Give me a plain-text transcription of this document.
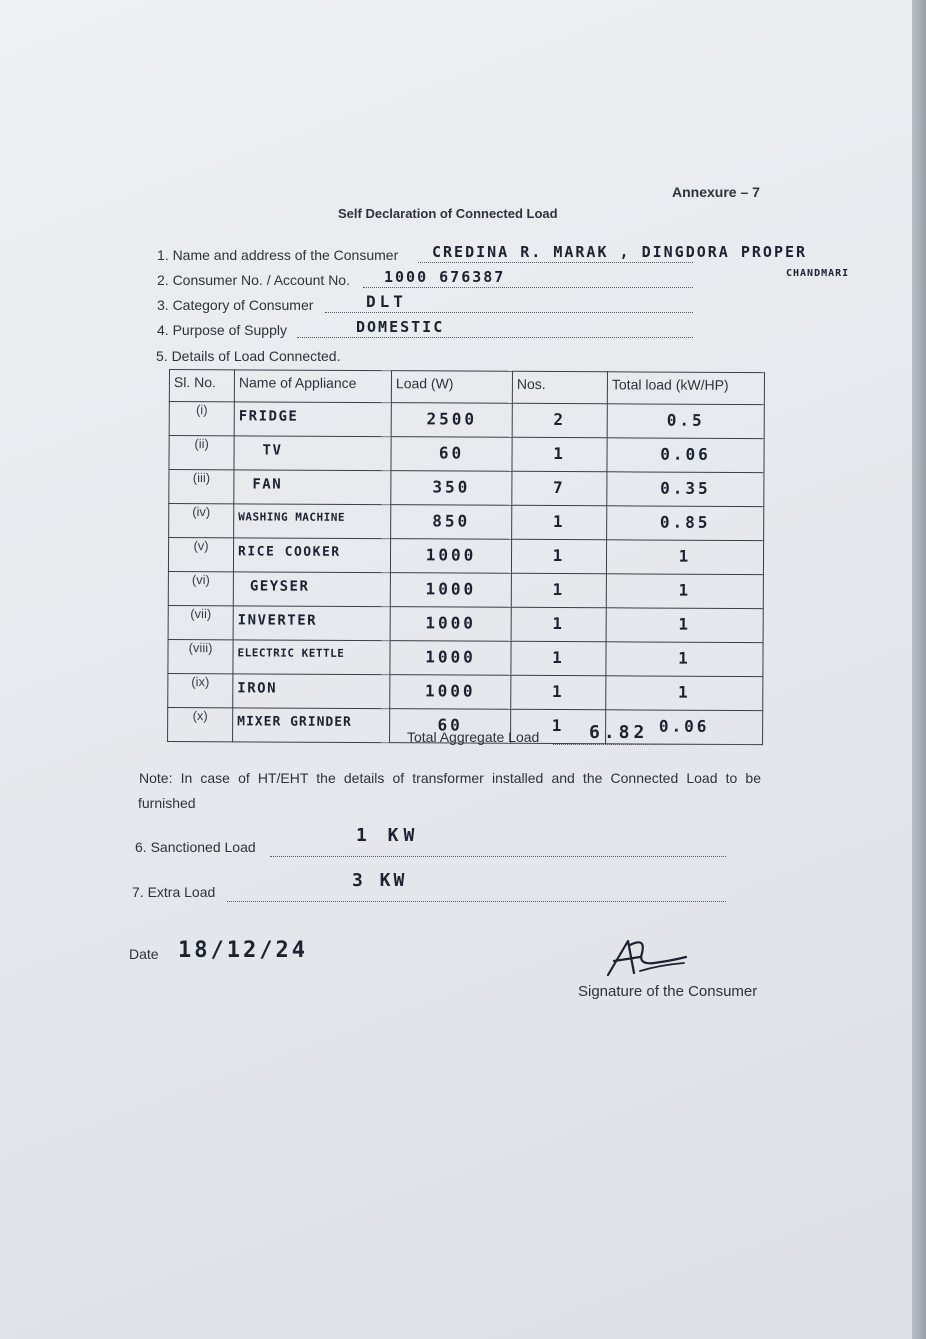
Annexure – 7
Self Declaration of Connected Load
1. Name and address of the Consumer CREDINA R. MARAK , DINGDORA PROPER
CHANDMARI
2. Consumer No. / Account No. 1000 676387
3. Category of Consumer	DLT
4. Purpose of Supply	DOMESTIC
5. Details of Load Connected.
Sl. No.	Name of Appliance	Load (W)	Nos.	Total load (kW/HP)
(i)	FRIDGE	2500	2	0.5
(ii)	TV	60	1	0.06
(iii)	FAN	350	7	0.35
(iv)	WASHING MACHINE	850	1	0.85
(v)	RICE COOKER	1000	1	1
(vi)	GEYSER	1000	1	1
(vii)	INVERTER	1000	1	1
(viii)	ELECTRIC KETTLE	1000	1	1
(ix)	IRON	1000	1	1
(x)	MIXER GRINDER	60	1	0.06
Total Aggregate Load	6.82
Note: In case of HT/EHT the details of transformer installed and the Connected Load to be
furnished
6. Sanctioned Load
1 KW
7. Extra Load
3 KW
Date 18/12/24
Signature of the Consumer
